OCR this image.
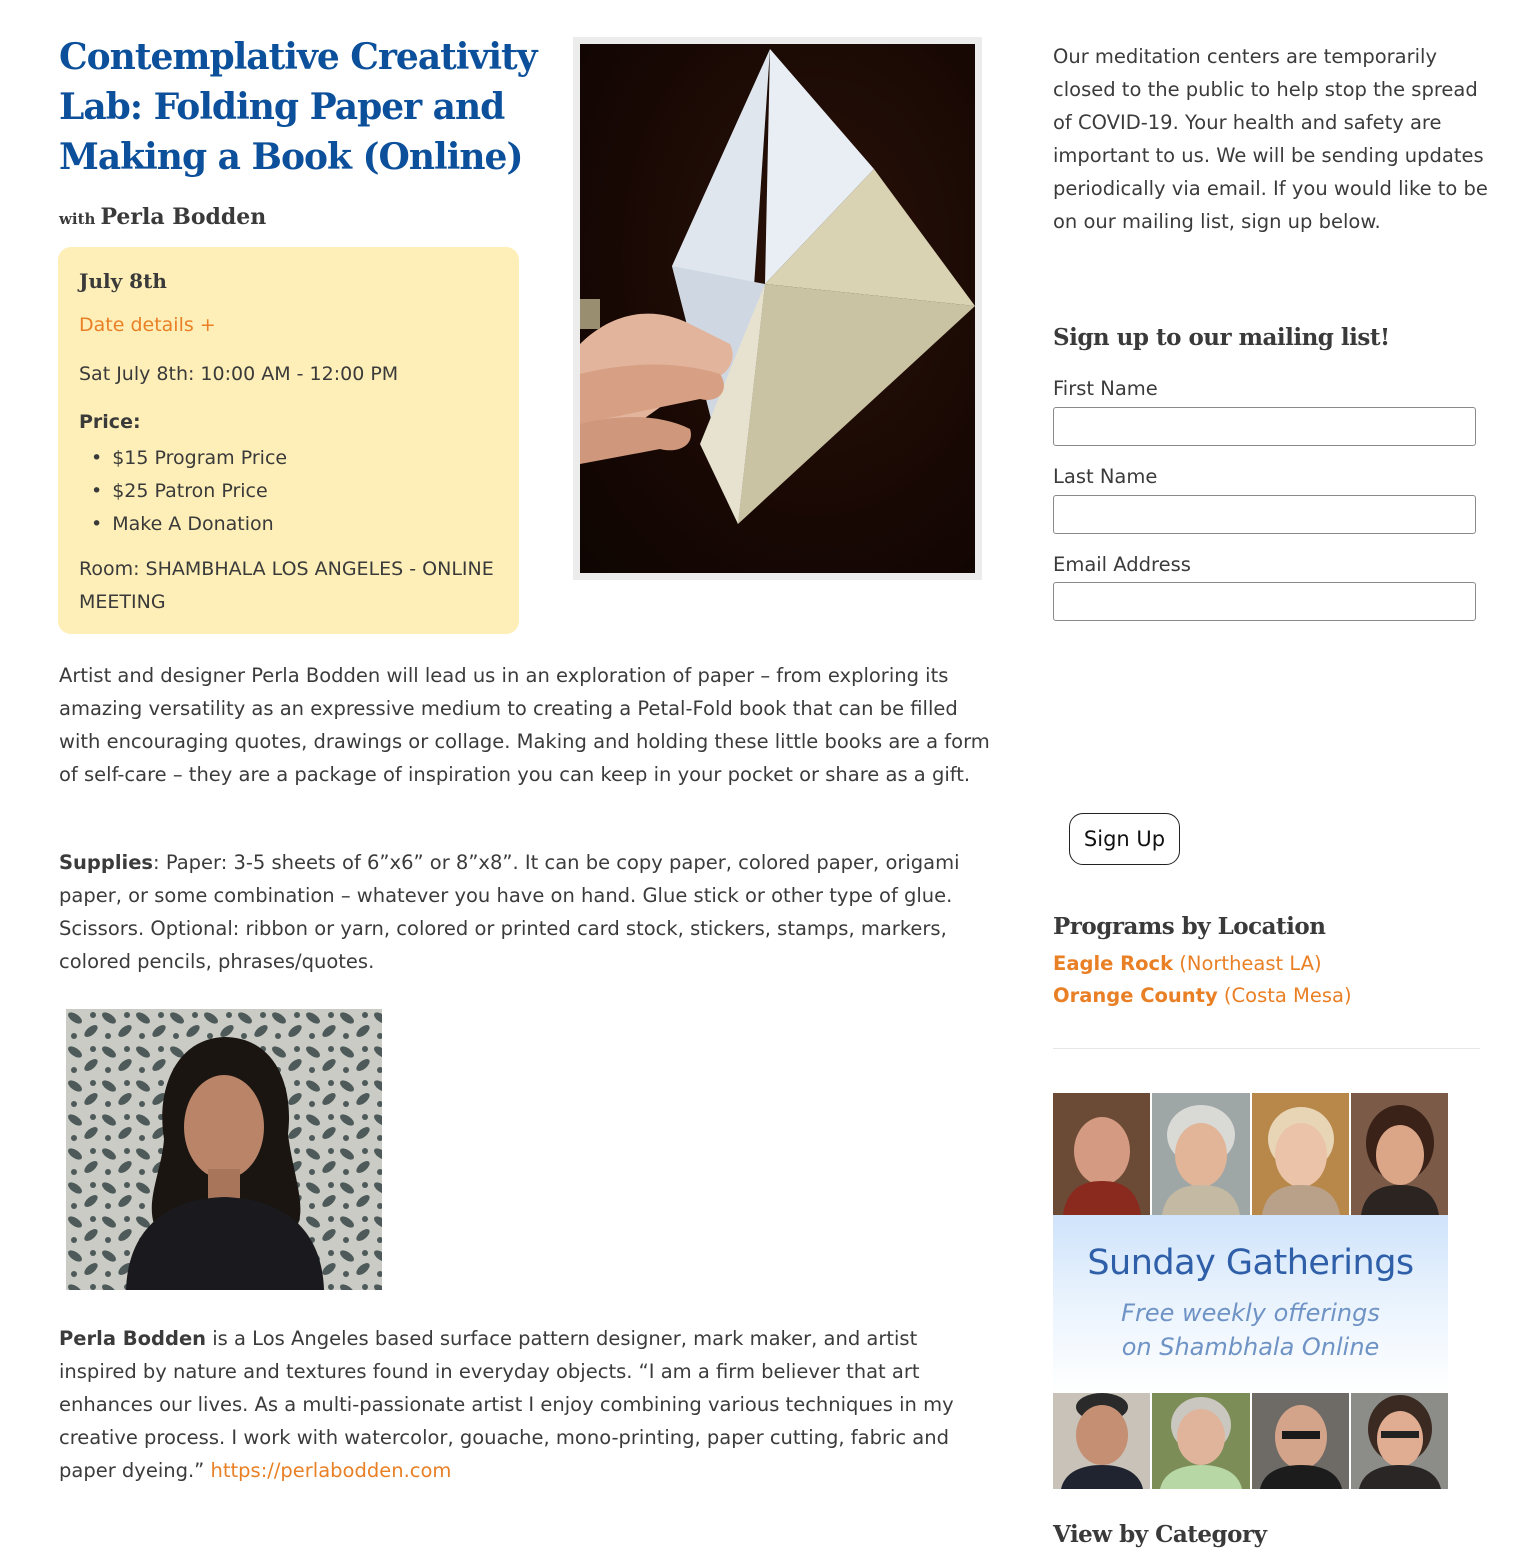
Contemplative Creativity Lab: Folding Paper and Making a Book (Online)
with Perla Bodden
July 8th
Date details +
Sat July 8th: 10:00 AM - 12:00 PM
Price:
• $15 Program Price
• $25 Patron Price
• Make A Donation
Room: SHAMBHALA LOS ANGELES - ONLINE MEETING

Artist and designer Perla Bodden will lead us in an exploration of paper – from exploring its amazing versatility as an expressive medium to creating a Petal-Fold book that can be filled with encouraging quotes, drawings or collage. Making and holding these little books are a form of self-care – they are a package of inspiration you can keep in your pocket or share as a gift.

Supplies: Paper: 3-5 sheets of 6”x6” or 8”x8”. It can be copy paper, colored paper, origami paper, or some combination – whatever you have on hand. Glue stick or other type of glue. Scissors. Optional: ribbon or yarn, colored or printed card stock, stickers, stamps, markers, colored pencils, phrases/quotes.

Perla Bodden is a Los Angeles based surface pattern designer, mark maker, and artist inspired by nature and textures found in everyday objects. “I am a firm believer that art enhances our lives. As a multi-passionate artist I enjoy combining various techniques in my creative process. I work with watercolor, gouache, mono-printing, paper cutting, fabric and paper dyeing.” https://perlabodden.com

Our meditation centers are temporarily closed to the public to help stop the spread of COVID-19. Your health and safety are important to us. We will be sending updates periodically via email. If you would like to be on our mailing list, sign up below.

Sign up to our mailing list!
First Name
Last Name
Email Address
Sign Up
Programs by Location
Eagle Rock (Northeast LA)
Orange County (Costa Mesa)
Sunday Gatherings
Free weekly offerings
on Shambhala Online
View by Category
